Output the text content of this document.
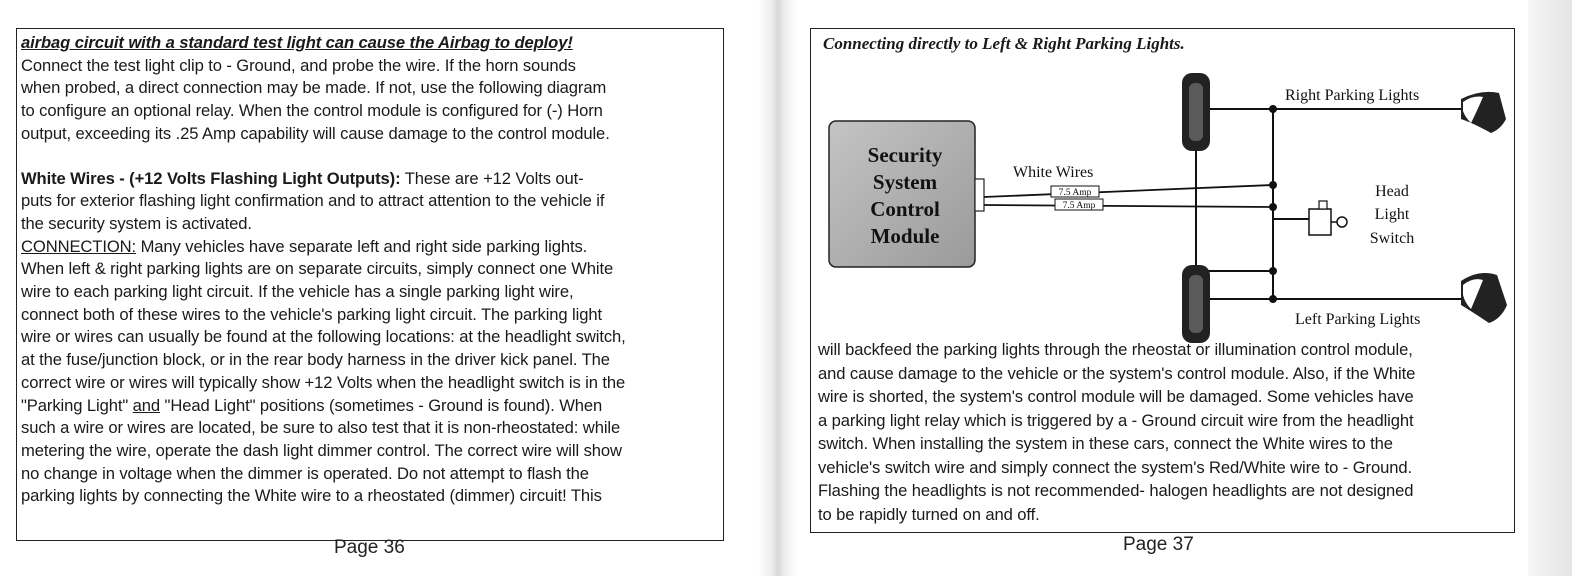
airbag circuit with a standard test light can cause the Airbag to deploy!

Connect the test light clip to - Ground, and probe the wire. If the horn sounds

when probed, a direct connection may be made. If not, use the following diagram

to configure an optional relay. When the control module is configured for (-) Horn

output, exceeding its .25 Amp capability will cause damage to the control module.

White Wires - (+12 Volts Flashing Light Outputs): These are +12 Volts out-

puts for exterior flashing light confirmation and to attract attention to the vehicle if

the security system is activated.

CONNECTION: Many vehicles have separate left and right side parking lights.

When left & right parking lights are on separate circuits, simply connect one White

wire to each parking light circuit. If the vehicle has a single parking light wire,

connect both of these wires to the vehicle's parking light circuit. The parking light

wire or wires can usually be found at the following locations: at the headlight switch,

at the fuse/junction block, or in the rear body harness in the driver kick panel. The

correct wire or wires will typically show +12 Volts when the headlight switch is in the

"Parking Light" and "Head Light" positions (sometimes - Ground is found). When

such a wire or wires are located, be sure to also test that it is non-rheostated: while

metering the wire, operate the dash light dimmer control. The correct wire will show

no change in voltage when the dimmer is operated. Do not attempt to flash the

parking lights by connecting the White wire to a rheostated (dimmer) circuit! This

Page 36
Connecting directly to Left & Right Parking Lights.
Security
System
Control
Module
White Wires
7.5 Amp
7.5 Amp
Head
Light
Switch
Right Parking Lights
Left Parking Lights

will backfeed the parking lights through the rheostat or illumination control module,

and cause damage to the vehicle or the system's control module. Also, if the White

wire is shorted, the system's control module will be damaged. Some vehicles have

a parking light relay which is triggered by a - Ground circuit wire from the headlight

switch. When installing the system in these cars, connect the White wires to the

vehicle's switch wire and simply connect the system's Red/White wire to - Ground.

Flashing the headlights is not recommended- halogen headlights are not designed

to be rapidly turned on and off.

Page 37
